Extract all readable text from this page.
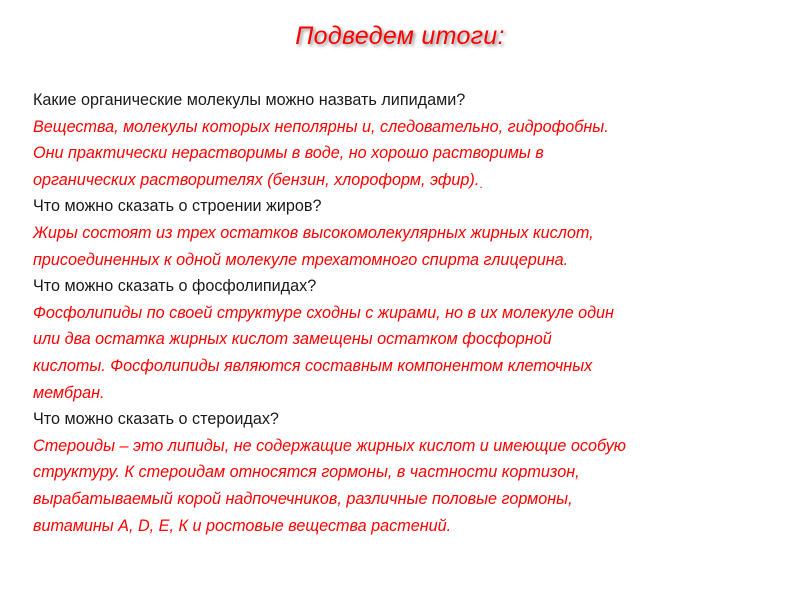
Подведем итоги:
Какие органические молекулы можно назвать липидами?
Вещества, молекулы которых неполярны и, следовательно, гидрофобны.
Они практически нерастворимы в воде, но хорошо растворимы в
органических растворителях (бензин, хлороформ, эфир)..
Что можно сказать о строении жиров?
Жиры состоят из трех остатков высокомолекулярных жирных кислот,
присоединенных к одной молекуле трехатомного спирта глицерина.
Что можно сказать о фосфолипидах?
Фосфолипиды по своей структуре сходны с жирами, но в их молекуле один
или два остатка жирных кислот замещены остатком фосфорной
кислоты. Фосфолипиды являются составным компонентом клеточных
мембран.
Что можно сказать о стероидах?
Стероиды – это липиды, не содержащие жирных кислот и имеющие особую
структуру. К стероидам относятся гормоны, в частности кортизон,
вырабатываемый корой надпочечников, различные половые гормоны,
витамины А, D, Е, К и ростовые вещества растений.
